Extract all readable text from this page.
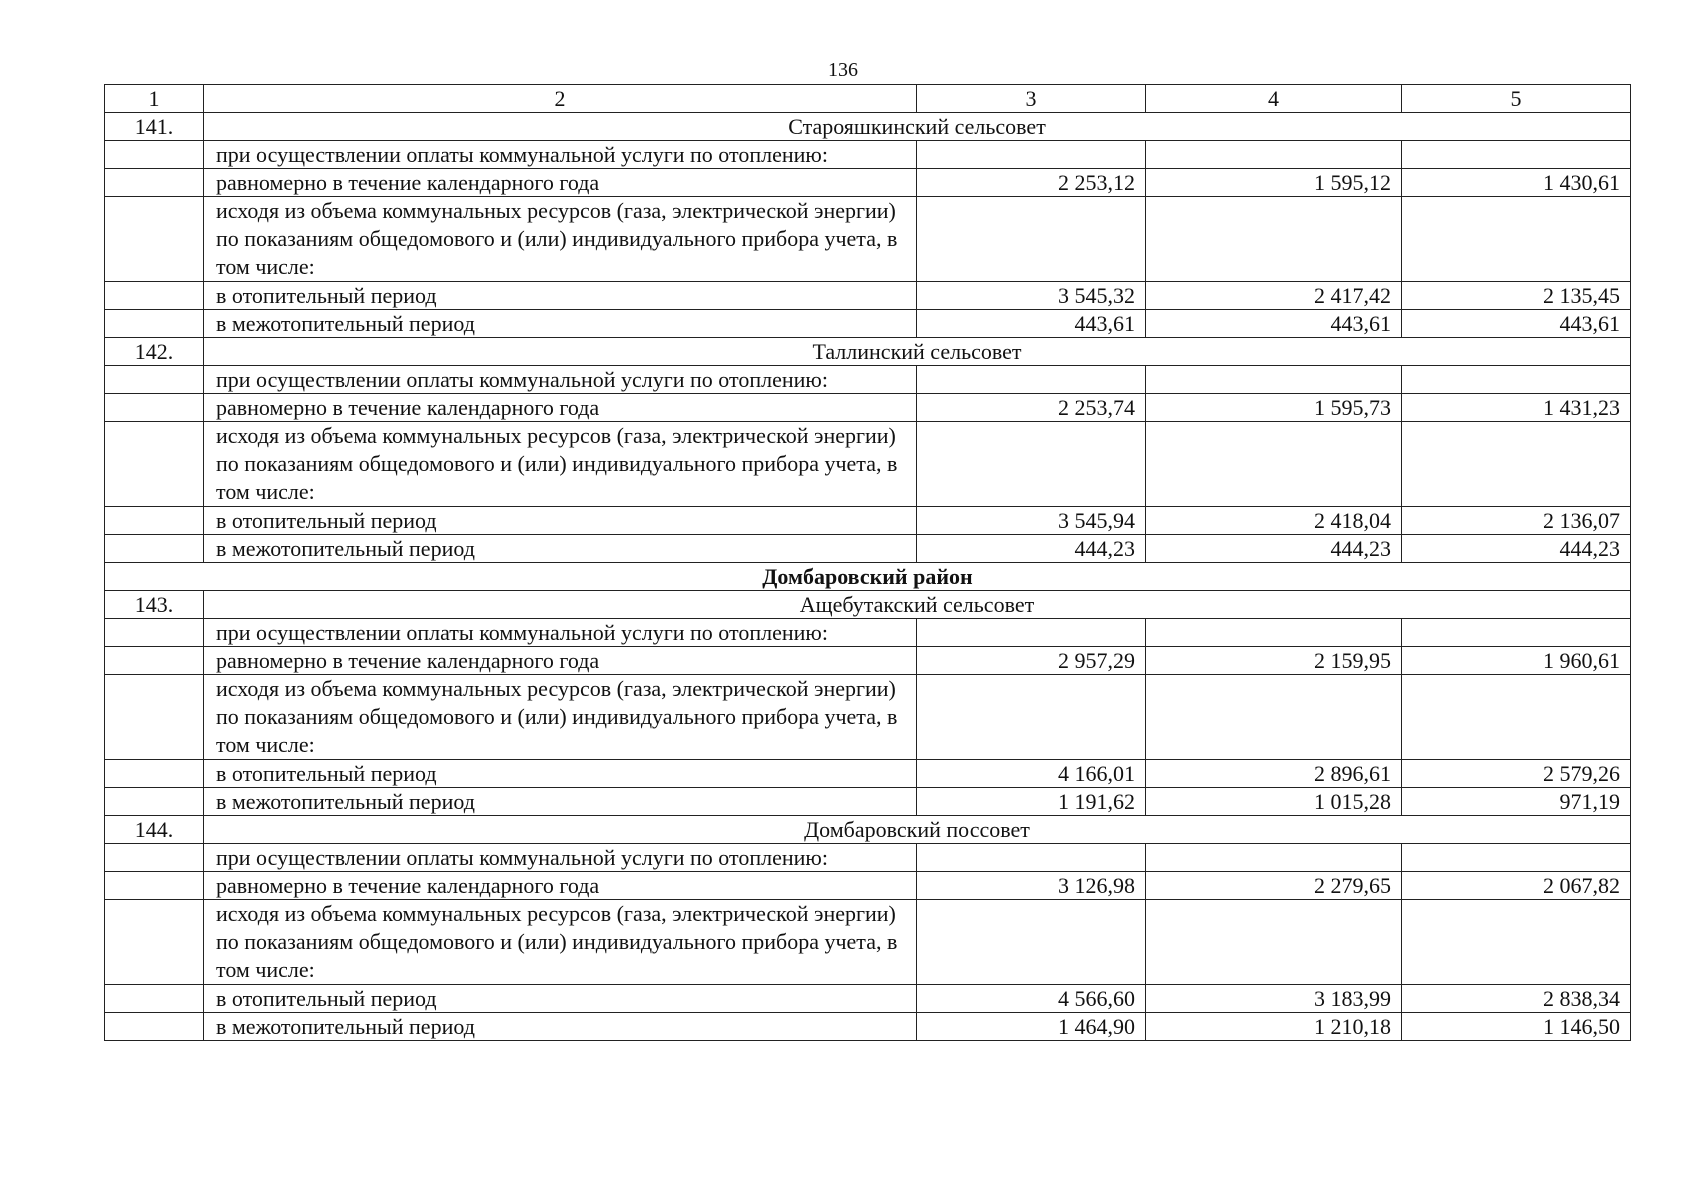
136
1	2	3	4	5
141.	Старояшкинский сельсовет			
	при осуществлении оплаты коммунальной услуги по отоплению:			
	равномерно в течение календарного года	2 253,12	1 595,12	1 430,61
	исходя из объема коммунальных ресурсов (газа, электрической энергии) по показаниям общедомового и (или) индивидуального прибора учета, в том числе:			
	в отопительный период	3 545,32	2 417,42	2 135,45
	в межотопительный период	443,61	443,61	443,61
142.	Таллинский сельсовет			
	при осуществлении оплаты коммунальной услуги по отоплению:			
	равномерно в течение календарного года	2 253,74	1 595,73	1 431,23
	исходя из объема коммунальных ресурсов (газа, электрической энергии) по показаниям общедомового и (или) индивидуального прибора учета, в том числе:			
	в отопительный период	3 545,94	2 418,04	2 136,07
	в межотопительный период	444,23	444,23	444,23
Домбаровский район				
143.	Ащебутакский сельсовет			
	при осуществлении оплаты коммунальной услуги по отоплению:			
	равномерно в течение календарного года	2 957,29	2 159,95	1 960,61
	исходя из объема коммунальных ресурсов (газа, электрической энергии) по показаниям общедомового и (или) индивидуального прибора учета, в том числе:			
	в отопительный период	4 166,01	2 896,61	2 579,26
	в межотопительный период	1 191,62	1 015,28	971,19
144.	Домбаровский поссовет			
	при осуществлении оплаты коммунальной услуги по отоплению:			
	равномерно в течение календарного года	3 126,98	2 279,65	2 067,82
	исходя из объема коммунальных ресурсов (газа, электрической энергии) по показаниям общедомового и (или) индивидуального прибора учета, в том числе:			
	в отопительный период	4 566,60	3 183,99	2 838,34
	в межотопительный период	1 464,90	1 210,18	1 146,50
